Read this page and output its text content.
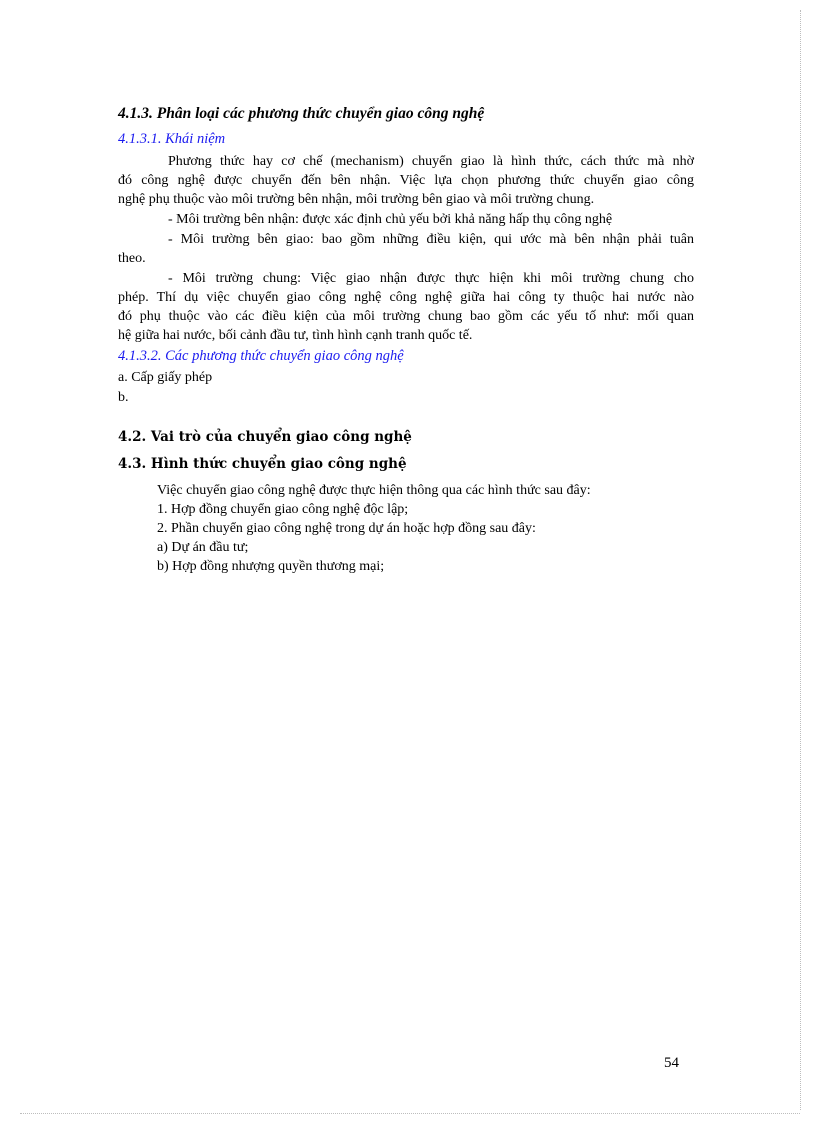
4.1.3. Phân loại các phương thức chuyển giao công nghệ
4.1.3.1. Khái niệm
Phương thức hay cơ chế (mechanism) chuyển giao là hình thức, cách thức mà nhờ
đó công nghệ được chuyển đến bên nhận. Việc lựa chọn phương thức chuyển giao công
nghệ phụ thuộc vào môi trường bên nhận, môi trường bên giao và môi trường chung.
- Môi trường bên nhận: được xác định chủ yếu bởi khả năng hấp thụ công nghệ
- Môi trường bên giao: bao gồm những điều kiện, qui ước mà bên nhận phải tuân
theo.
- Môi trường chung: Việc giao nhận được thực hiện khi môi trường chung cho
phép. Thí dụ việc chuyển giao công nghệ công nghệ giữa hai công ty thuộc hai nước nào
đó phụ thuộc vào các điều kiện của môi trường chung bao gồm các yếu tố như: mối quan
hệ giữa hai nước, bối cảnh đầu tư, tình hình cạnh tranh quốc tế.
4.1.3.2. Các phương thức chuyển giao công nghệ
a. Cấp giấy phép
b.
4.2. Vai trò của chuyển giao công nghệ
4.3. Hình thức chuyển giao công nghệ
Việc chuyển giao công nghệ được thực hiện thông qua các hình thức sau đây:
1. Hợp đồng chuyển giao công nghệ độc lập;
2. Phần chuyển giao công nghệ trong dự án hoặc hợp đồng sau đây:
a) Dự án đầu tư;
b) Hợp đồng nhượng quyền thương mại;
54
